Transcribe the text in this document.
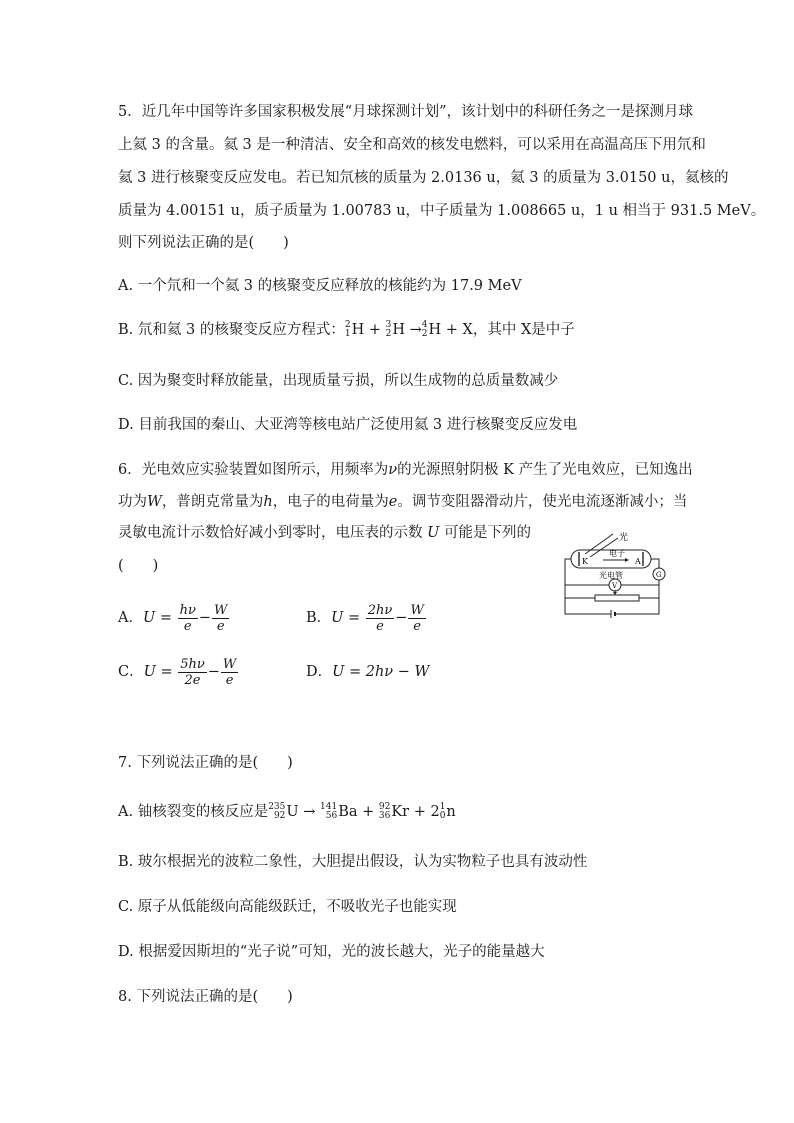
5．近几年中国等许多国家积极发展“月球探测计划”，该计划中的科研任务之一是探测月球
上氦 3 的含量。氦 3 是一种清洁、安全和高效的核发电燃料，可以采用在高温高压下用氘和
氦 3 进行核聚变反应发电。若已知氘核的质量为 2.0136 u，氦 3 的质量为 3.0150 u，氦核的
质量为 4.00151 u，质子质量为 1.00783 u，中子质量为 1.008665 u，1 u 相当于 931.5 MeV。
则下列说法正确的是(　　)
A. 一个氘和一个氦 3 的核聚变反应释放的核能约为 17.9 MeV
B. 氘和氦 3 的核聚变反应方程式： 2
1 H + 3
2 H → 4
2 H + X，其中 X是中子
C. 因为聚变时释放能量，出现质量亏损，所以生成物的总质量数减少
D. 目前我国的秦山、大亚湾等核电站广泛使用氦 3 进行核聚变反应发电
6．光电效应实验装置如图所示，用频率为ν的光源照射阴极 K 产生了光电效应，已知逸出
功为W，普朗克常量为h，电子的电荷量为e。调节变阻器滑动片，使光电流逐渐减小；当
灵敏电流计示数恰好减小到零时，电压表的示数 U 可能是下列的
(　　)
A．$U = \frac{h\nu}{e} - \frac{W}{e}$	B．$U = \frac{2h\nu}{e} - \frac{W}{e}$
C．$U = \frac{5h\nu}{2e} - \frac{W}{e}$	D．U = 2hν − W
光
电子
K	A
光电管	G
V
7. 下列说法正确的是(　　)
A. 铀核裂变的核反应是 235
92 U → 141
56 Ba + 92
36 Kr + 2 1
0 n
B. 玻尔根据光的波粒二象性，大胆提出假设，认为实物粒子也具有波动性
C. 原子从低能级向高能级跃迁，不吸收光子也能实现
D. 根据爱因斯坦的“光子说”可知，光的波长越大，光子的能量越大
8. 下列说法正确的是(　　)
